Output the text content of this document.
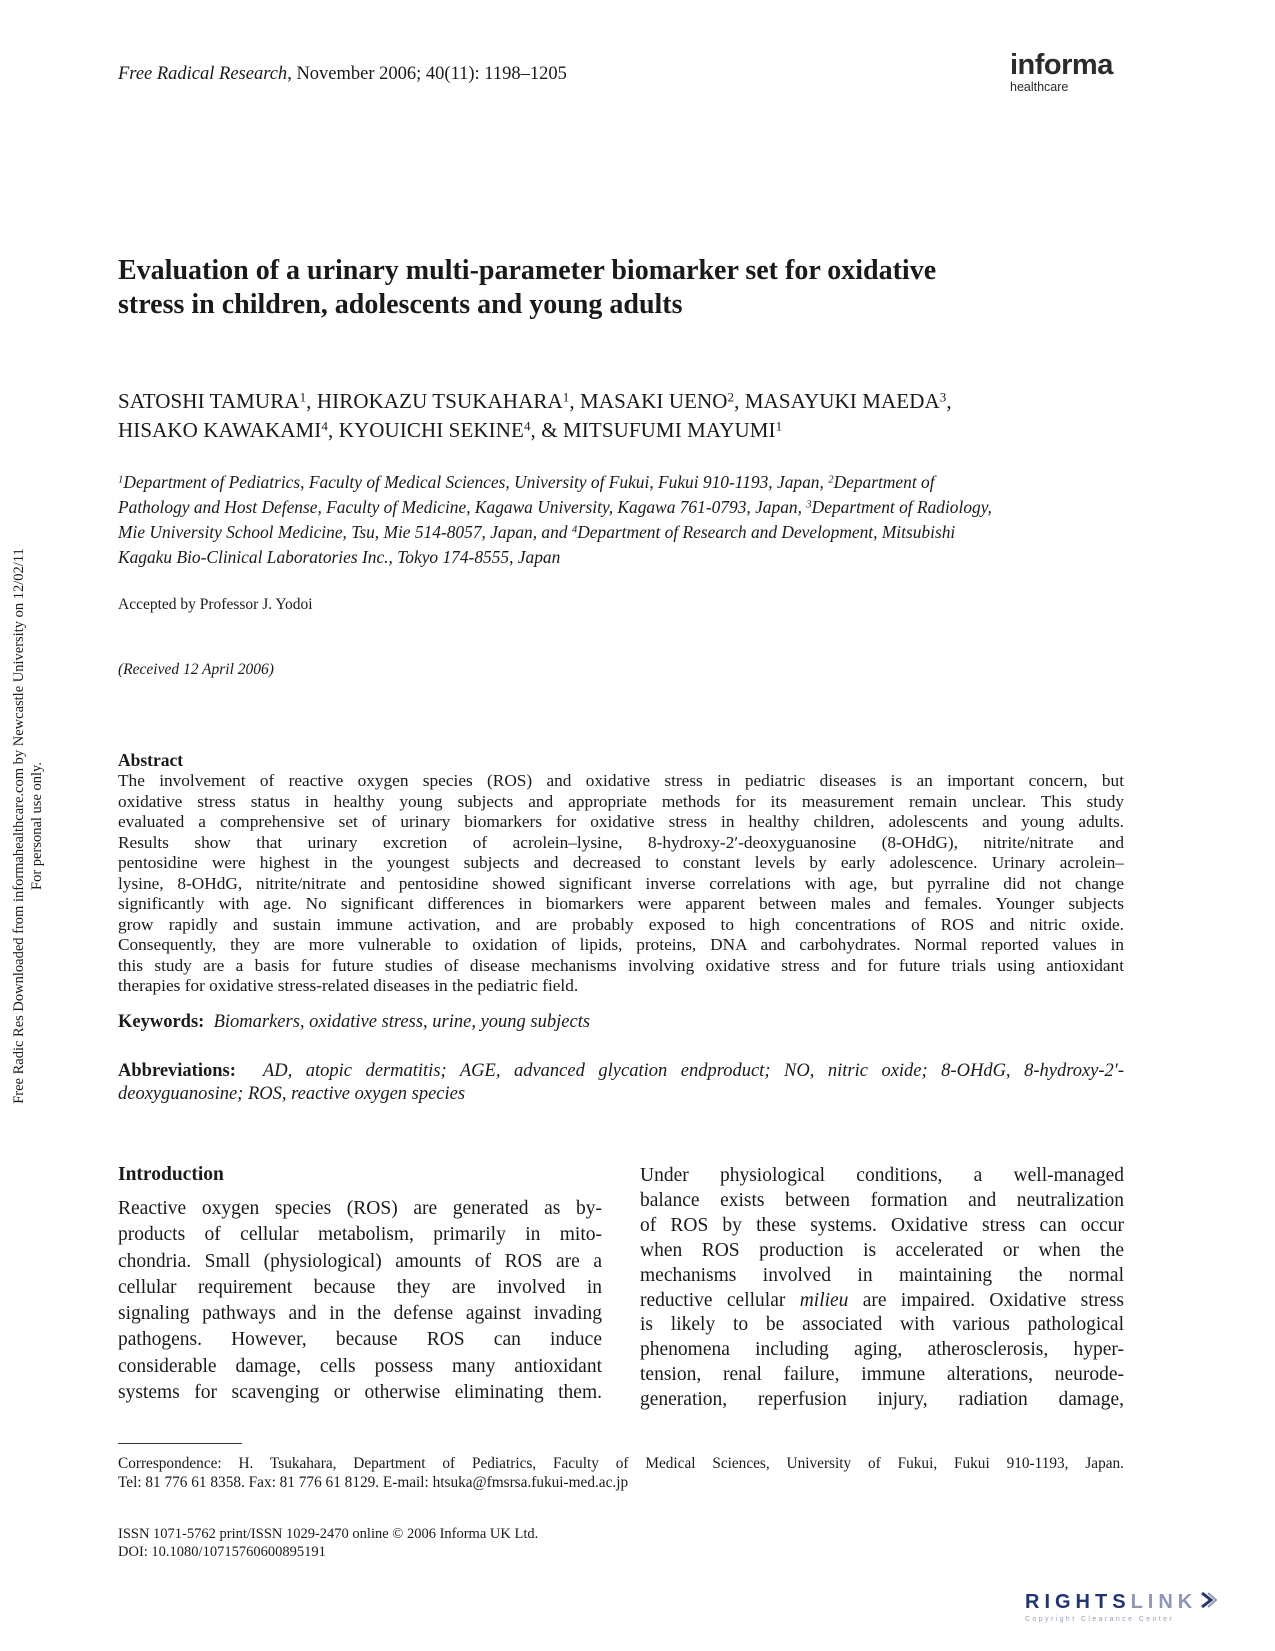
Free Radical Research, November 2006; 40(11): 1198–1205	informa
healthcare
Free Radic Res Downloaded from informahealthcare.com by Newcastle University on 12/02/11 For personal use only.
Evaluation of a urinary multi-parameter biomarker set for oxidative
stress in children, adolescents and young adults
SATOSHI TAMURA$^1$, HIROKAZU TSUKAHARA$^1$, MASAKI UENO$^2$, MASAYUKI MAEDA$^3$,
HISAKO KAWAKAMI$^4$, KYOUICHI SEKINE$^4$, & MITSUFUMI MAYUMI$^1$
$^1$Department of Pediatrics, Faculty of Medical Sciences, University of Fukui, Fukui 910-1193, Japan, $^2$Department of
Pathology and Host Defense, Faculty of Medicine, Kagawa University, Kagawa 761-0793, Japan, $^3$Department of Radiology,
Mie University School Medicine, Tsu, Mie 514-8057, Japan, and $^4$Department of Research and Development, Mitsubishi
Kagaku Bio-Clinical Laboratories Inc., Tokyo 174-8555, Japan
Accepted by Professor J. Yodoi
(Received 12 April 2006)
Abstract
The involvement of reactive oxygen species (ROS) and oxidative stress in pediatric diseases is an important concern, but
oxidative stress status in healthy young subjects and appropriate methods for its measurement remain unclear. This study
evaluated a comprehensive set of urinary biomarkers for oxidative stress in healthy children, adolescents and young adults.
Results show that urinary excretion of acrolein–lysine, 8-hydroxy-2′-deoxyguanosine (8-OHdG), nitrite/nitrate and
pentosidine were highest in the youngest subjects and decreased to constant levels by early adolescence. Urinary acrolein–
lysine, 8-OHdG, nitrite/nitrate and pentosidine showed significant inverse correlations with age, but pyrraline did not change
significantly with age. No significant differences in biomarkers were apparent between males and females. Younger subjects
grow rapidly and sustain immune activation, and are probably exposed to high concentrations of ROS and nitric oxide.
Consequently, they are more vulnerable to oxidation of lipids, proteins, DNA and carbohydrates. Normal reported values in
this study are a basis for future studies of disease mechanisms involving oxidative stress and for future trials using antioxidant
therapies for oxidative stress-related diseases in the pediatric field.
Keywords: Biomarkers, oxidative stress, urine, young subjects
Abbreviations: AD, atopic dermatitis; AGE, advanced glycation endproduct; NO, nitric oxide; 8-OHdG, 8-hydroxy-2′-
deoxyguanosine; ROS, reactive oxygen species
Introduction
Reactive oxygen species (ROS) are generated as by-
products of cellular metabolism, primarily in mito-
chondria. Small (physiological) amounts of ROS are a
cellular requirement because they are involved in
signaling pathways and in the defense against invading
pathogens. However, because ROS can induce
considerable damage, cells possess many antioxidant
systems for scavenging or otherwise eliminating them.
Under physiological conditions, a well-managed
balance exists between formation and neutralization
of ROS by these systems. Oxidative stress can occur
when ROS production is accelerated or when the
mechanisms involved in maintaining the normal
reductive cellular milieu are impaired. Oxidative stress
is likely to be associated with various pathological
phenomena including aging, atherosclerosis, hyper-
tension, renal failure, immune alterations, neurode-
generation, reperfusion injury, radiation damage,
Correspondence: H. Tsukahara, Department of Pediatrics, Faculty of Medical Sciences, University of Fukui, Fukui 910-1193, Japan.
Tel: 81 776 61 8358. Fax: 81 776 61 8129. E-mail: htsuka@fmsrsa.fukui-med.ac.jp
ISSN 1071-5762 print/ISSN 1029-2470 online © 2006 Informa UK Ltd.
DOI: 10.1080/10715760600895191
RIGHTSLINK
Copyright Clearance Center
